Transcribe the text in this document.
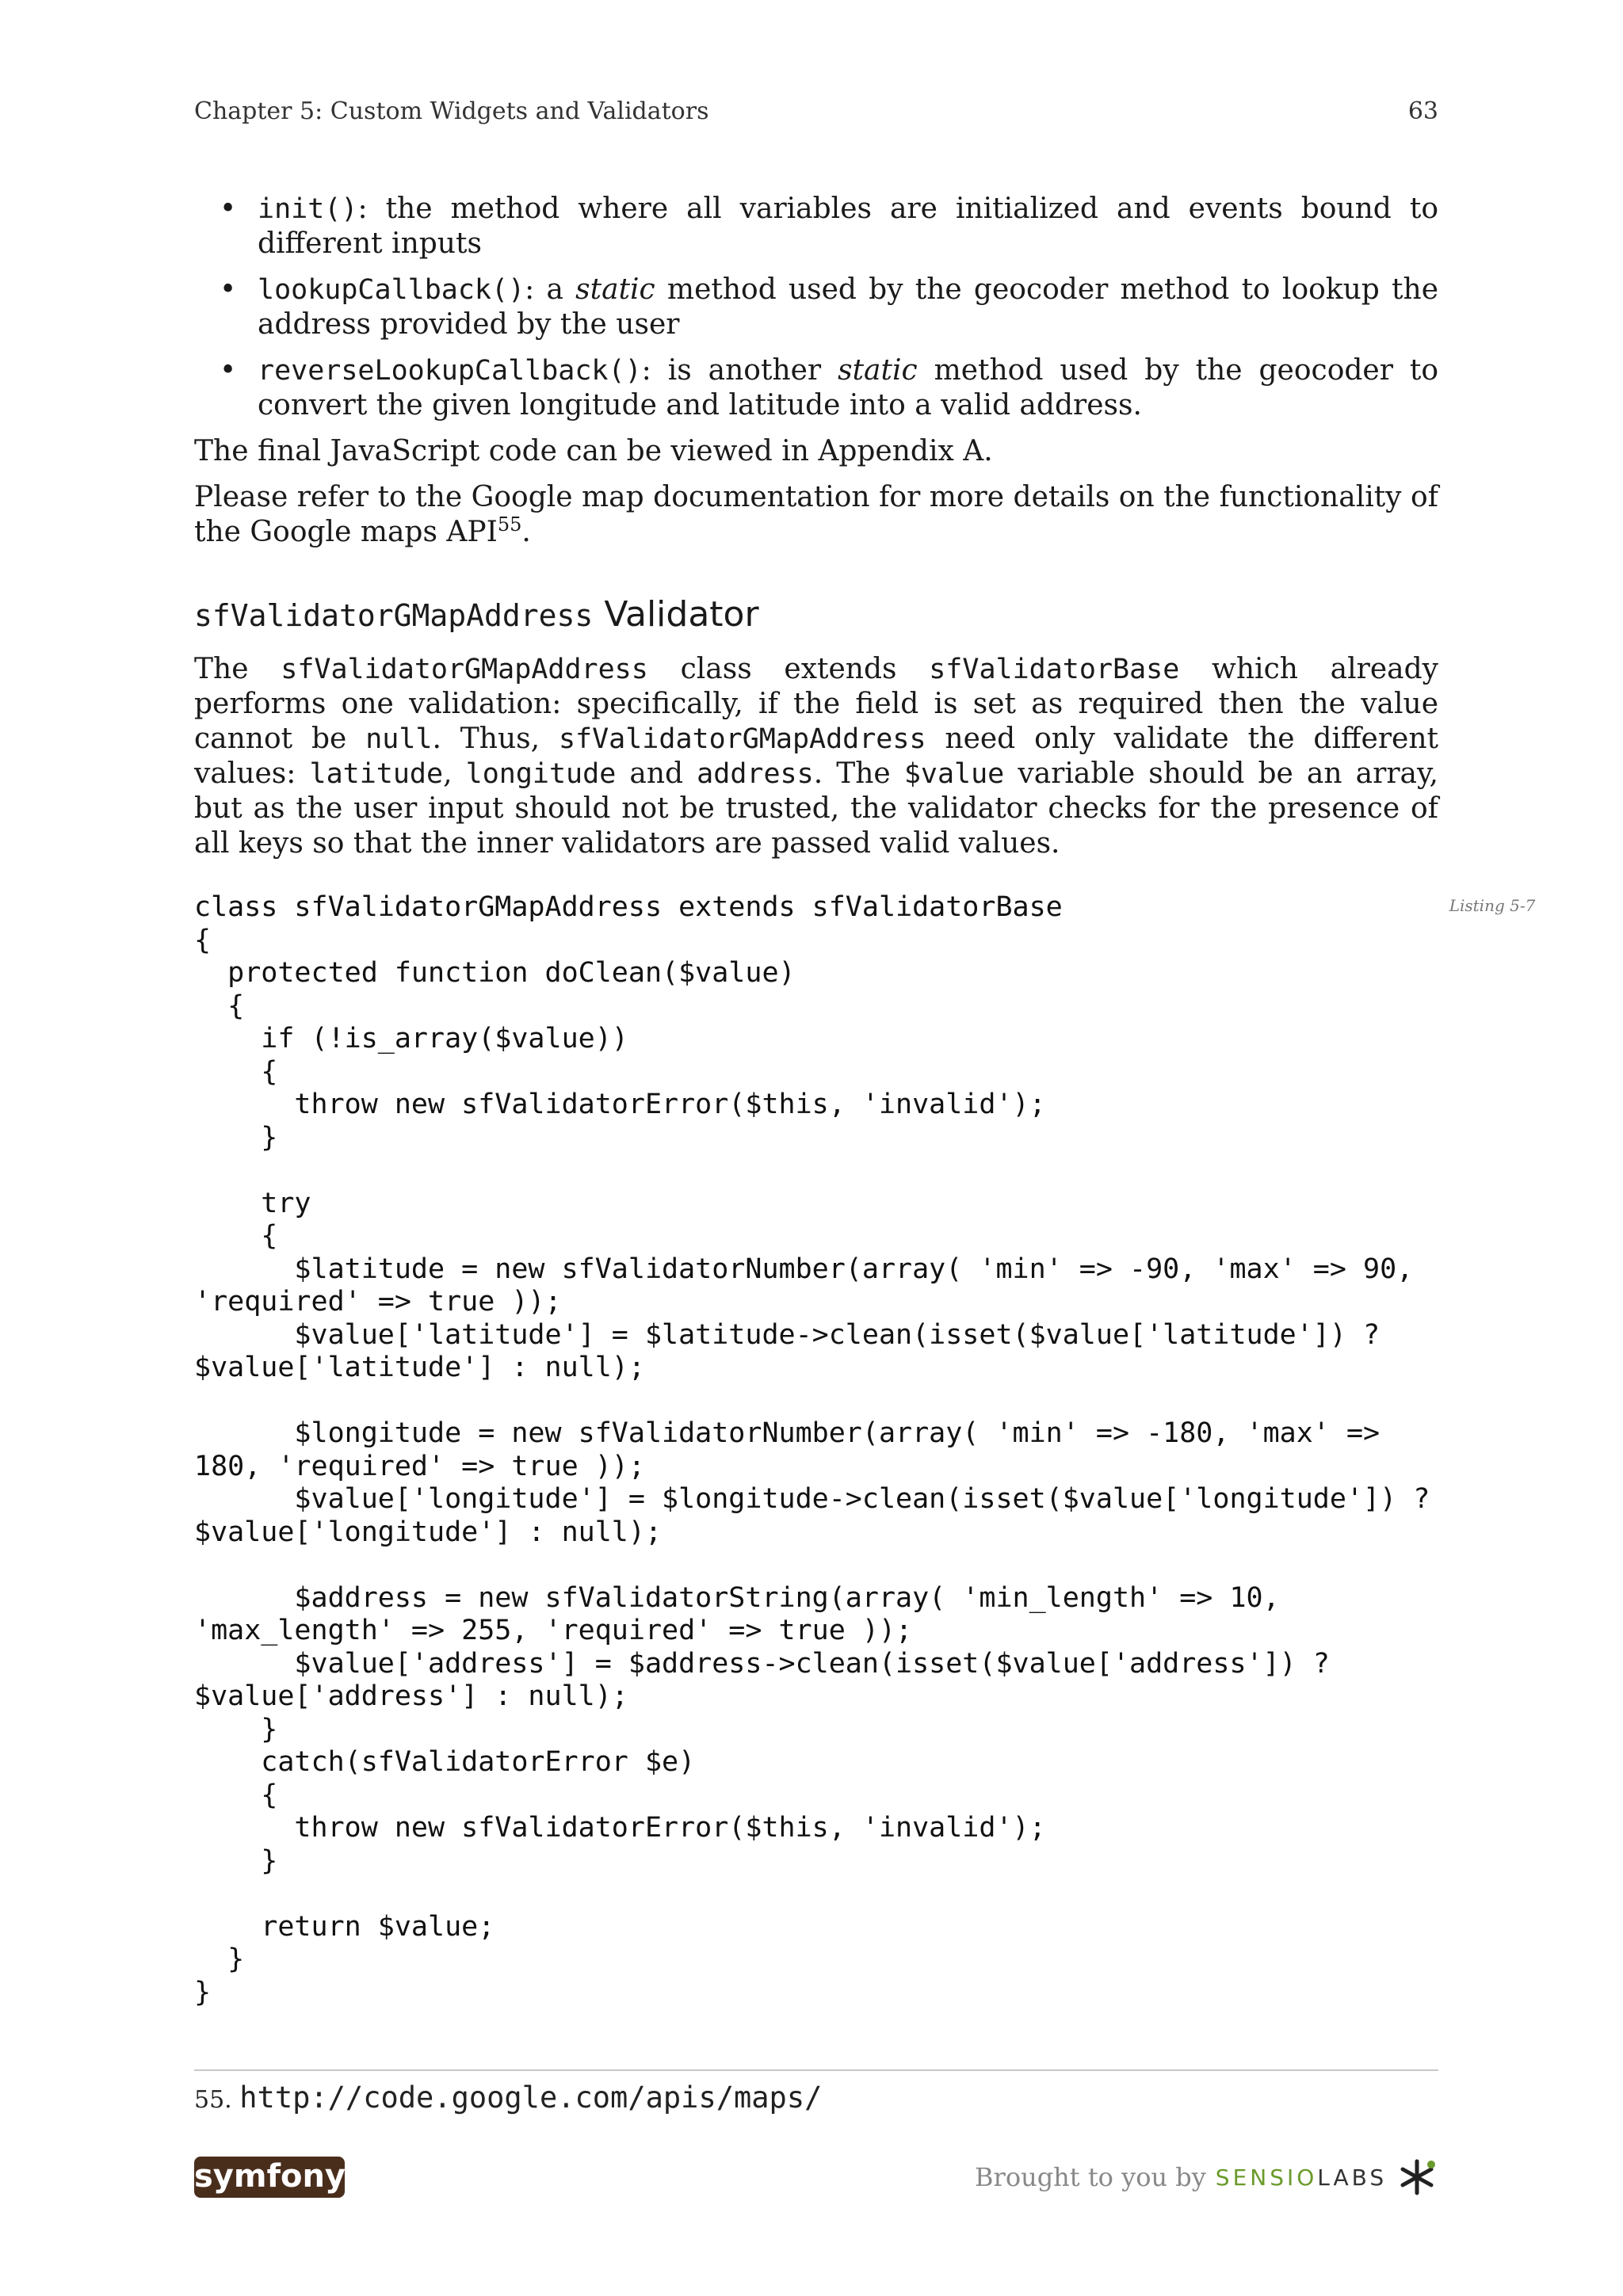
Chapter 5: Custom Widgets and Validators	63
• init(): the method where all variables are initialized and events bound to different inputs
• lookupCallback(): a static method used by the geocoder method to lookup the address provided by the user
• reverseLookupCallback(): is another static method used by the geocoder to convert the given longitude and latitude into a valid address.

The final JavaScript code can be viewed in Appendix A.

Please refer to the Google map documentation for more details on the functionality of the Google maps API$^{55}$.

sfValidatorGMapAddress Validator

The sfValidatorGMapAddress class extends sfValidatorBase which already performs one validation: specifically, if the field is set as required then the value cannot be null. Thus, sfValidatorGMapAddress need only validate the different values: latitude, longitude and address. The $value variable should be an array, but as the user input should not be trusted, the validator checks for the presence of all keys so that the inner validators are passed valid values.

class sfValidatorGMapAddress extends sfValidatorBase
{
protected function doClean($value)
{
if (!is_array($value))
{
throw new sfValidatorError($this, 'invalid');
}

try
{
$latitude = new sfValidatorNumber(array( 'min' => -90, 'max' => 90,
'required' => true ));
$value['latitude'] = $latitude->clean(isset($value['latitude']) ?
$value['latitude'] : null);

$longitude = new sfValidatorNumber(array( 'min' => -180, 'max' =>
180, 'required' => true ));
$value['longitude'] = $longitude->clean(isset($value['longitude']) ?
$value['longitude'] : null);

$address = new sfValidatorString(array( 'min_length' => 10,
'max_length' => 255, 'required' => true ));
$value['address'] = $address->clean(isset($value['address']) ?
$value['address'] : null);
}
catch(sfValidatorError $e)
{
throw new sfValidatorError($this, 'invalid');
}

return $value;
}
}
Listing 5-7
55. http://code.google.com/apis/maps/
symfony	Brought to you by SENSIOLABS
